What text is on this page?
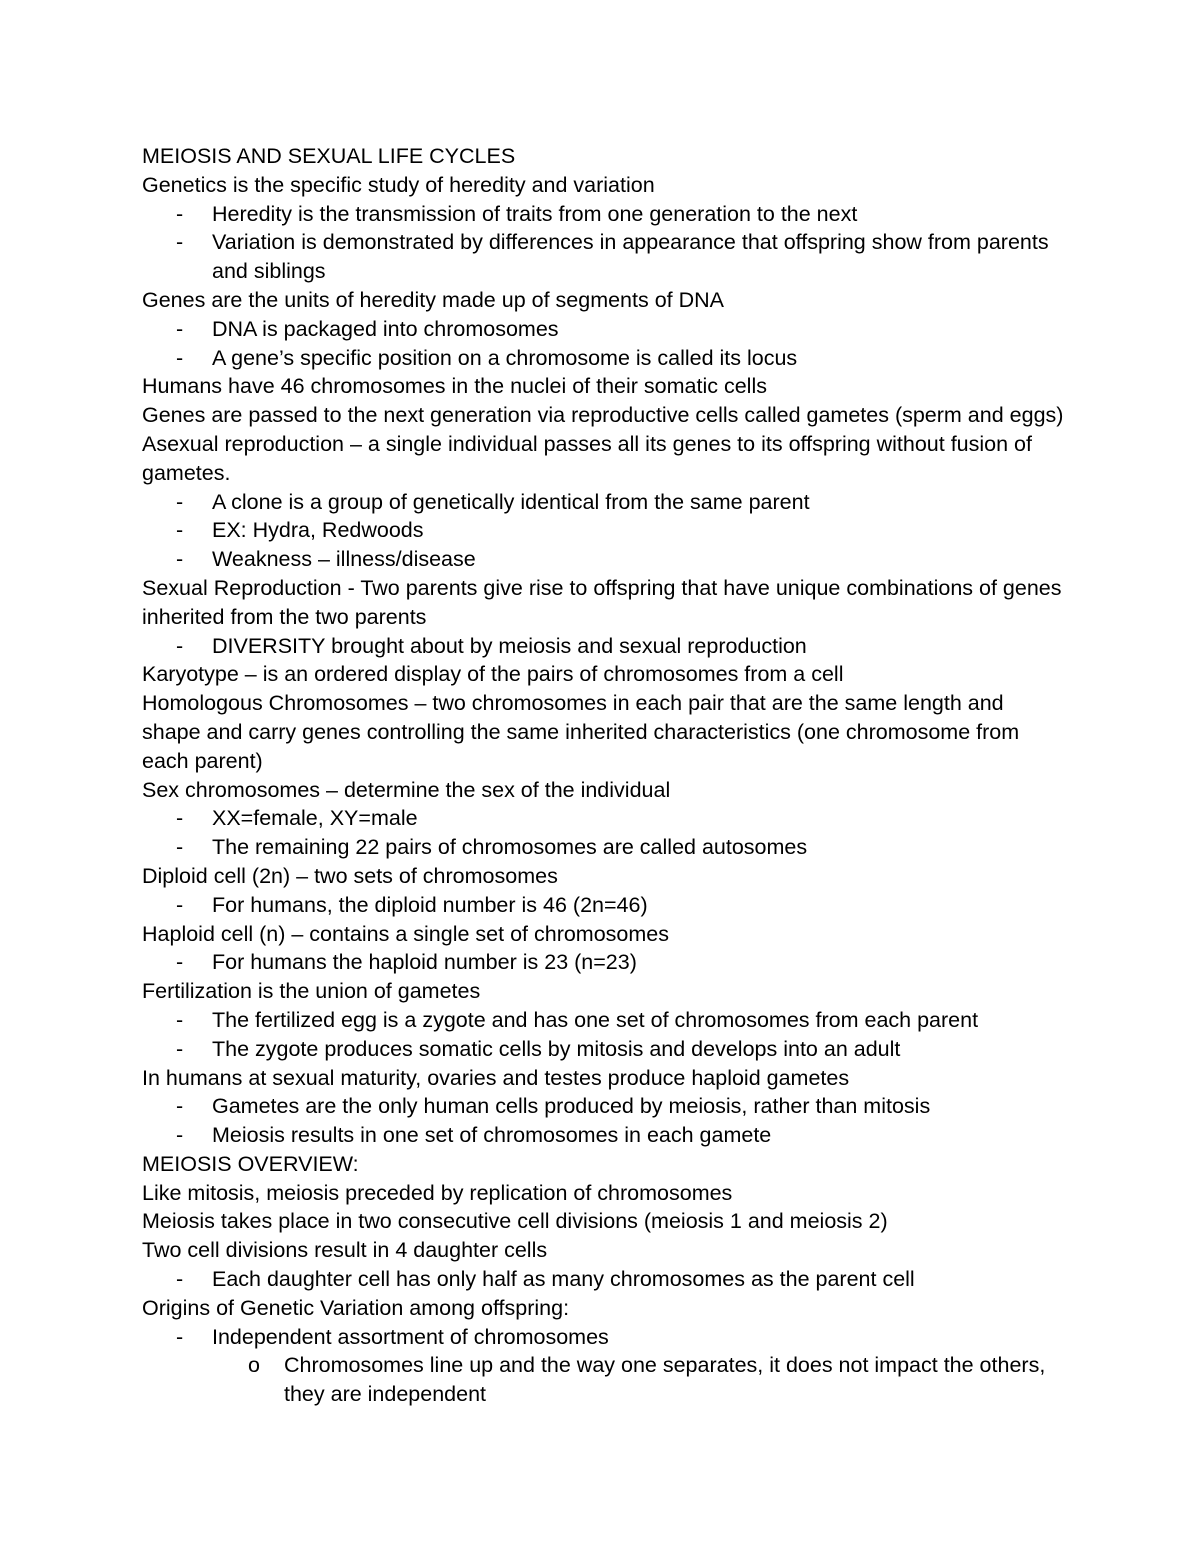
MEIOSIS AND SEXUAL LIFE CYCLES
Genetics is the specific study of heredity and variation
- Heredity is the transmission of traits from one generation to the next
- Variation is demonstrated by differences in appearance that offspring show from parents
and siblings
Genes are the units of heredity made up of segments of DNA
- DNA is packaged into chromosomes
- A gene’s specific position on a chromosome is called its locus
Humans have 46 chromosomes in the nuclei of their somatic cells
Genes are passed to the next generation via reproductive cells called gametes (sperm and eggs)
Asexual reproduction – a single individual passes all its genes to its offspring without fusion of
gametes.
- A clone is a group of genetically identical from the same parent
- EX: Hydra, Redwoods
- Weakness – illness/disease
Sexual Reproduction - Two parents give rise to offspring that have unique combinations of genes
inherited from the two parents
- DIVERSITY brought about by meiosis and sexual reproduction
Karyotype – is an ordered display of the pairs of chromosomes from a cell
Homologous Chromosomes – two chromosomes in each pair that are the same length and
shape and carry genes controlling the same inherited characteristics (one chromosome from
each parent)
Sex chromosomes – determine the sex of the individual
- XX=female, XY=male
- The remaining 22 pairs of chromosomes are called autosomes
Diploid cell (2n) – two sets of chromosomes
- For humans, the diploid number is 46 (2n=46)
Haploid cell (n) – contains a single set of chromosomes
- For humans the haploid number is 23 (n=23)
Fertilization is the union of gametes
- The fertilized egg is a zygote and has one set of chromosomes from each parent
- The zygote produces somatic cells by mitosis and develops into an adult
In humans at sexual maturity, ovaries and testes produce haploid gametes
- Gametes are the only human cells produced by meiosis, rather than mitosis
- Meiosis results in one set of chromosomes in each gamete
MEIOSIS OVERVIEW:
Like mitosis, meiosis preceded by replication of chromosomes
Meiosis takes place in two consecutive cell divisions (meiosis 1 and meiosis 2)
Two cell divisions result in 4 daughter cells
- Each daughter cell has only half as many chromosomes as the parent cell
Origins of Genetic Variation among offspring:
- Independent assortment of chromosomes
o Chromosomes line up and the way one separates, it does not impact the others,
they are independent
